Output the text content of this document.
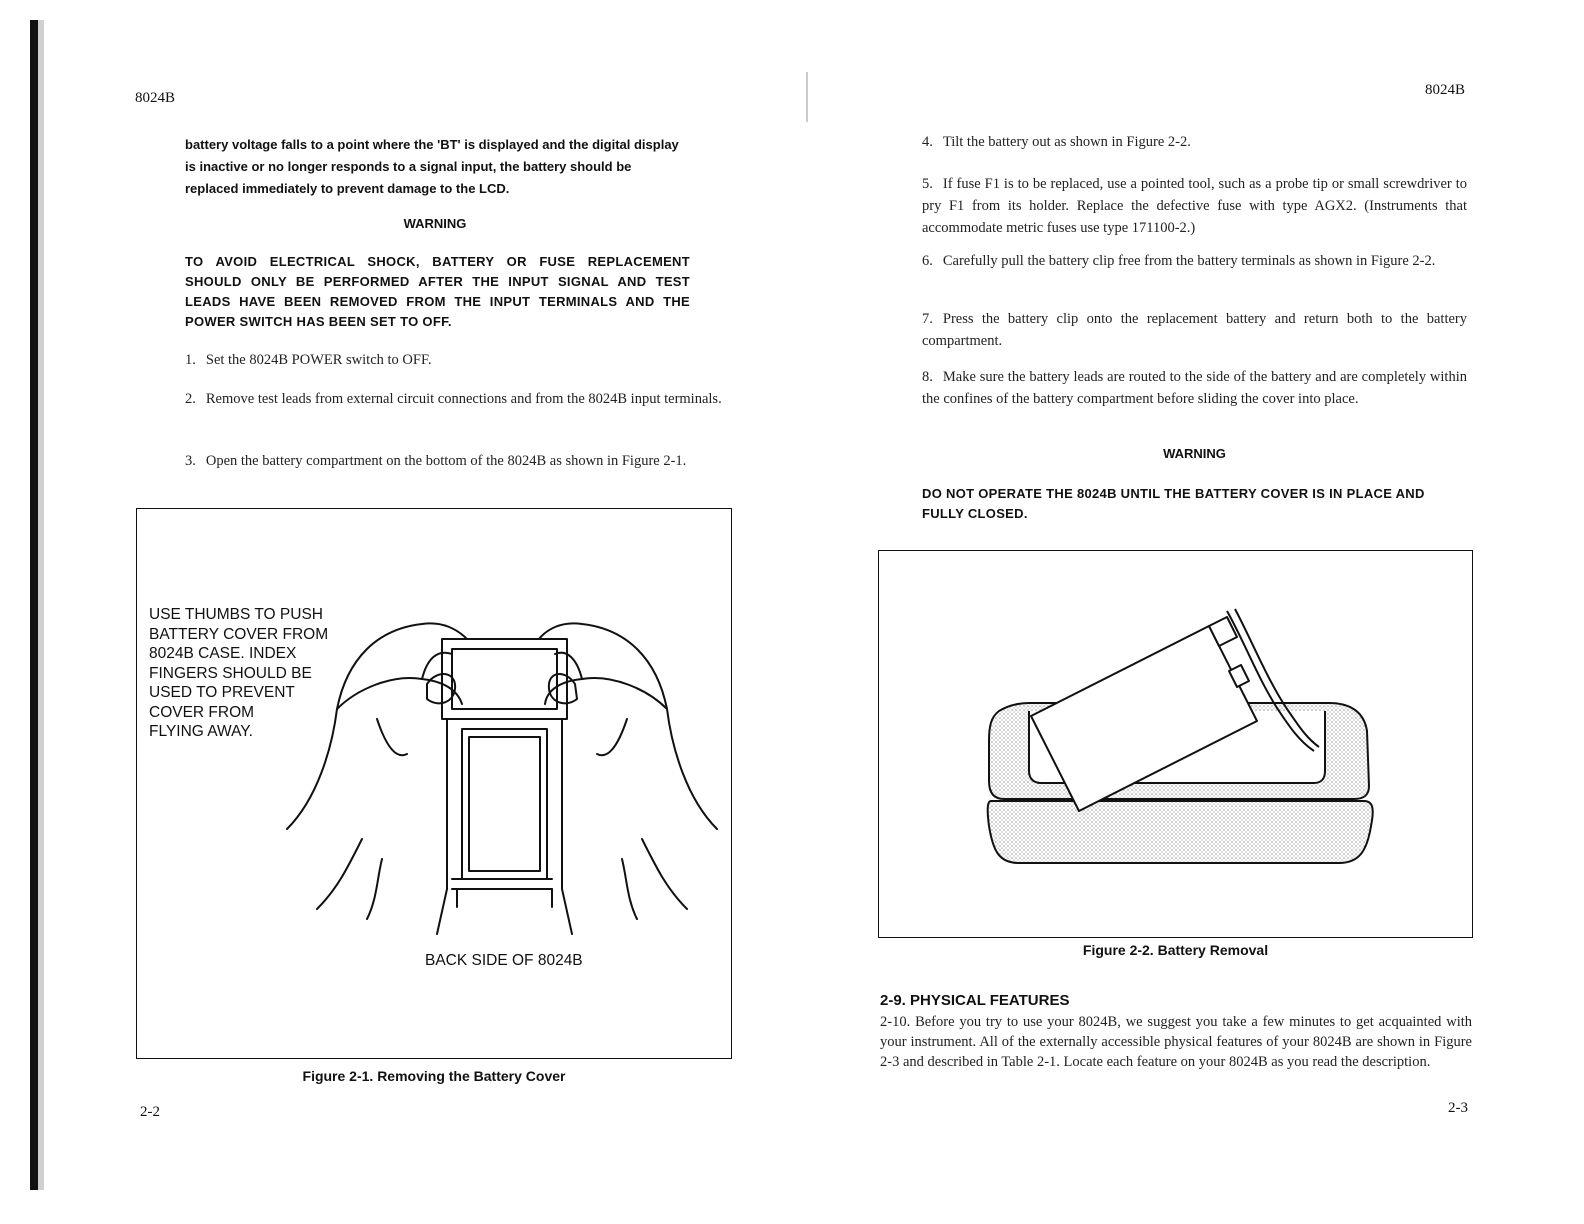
8024B
battery voltage falls to a point where the 'BT' is displayed and the digital display is inactive or no longer responds to a signal input, the battery should be replaced immediately to prevent damage to the LCD.
WARNING
TO AVOID ELECTRICAL SHOCK, BATTERY OR FUSE REPLACEMENT SHOULD ONLY BE PERFORMED AFTER THE INPUT SIGNAL AND TEST LEADS HAVE BEEN REMOVED FROM THE INPUT TERMINALS AND THE POWER SWITCH HAS BEEN SET TO OFF.
1. Set the 8024B POWER switch to OFF.
2. Remove test leads from external circuit connections and from the 8024B input terminals.
3. Open the battery compartment on the bottom of the 8024B as shown in Figure 2-1.
USE THUMBS TO PUSH
BATTERY COVER FROM
8024B CASE. INDEX
FINGERS SHOULD BE
USED TO PREVENT
COVER FROM
FLYING AWAY.
BACK SIDE OF 8024B
Figure 2-1. Removing the Battery Cover
2-2
8024B
4. Tilt the battery out as shown in Figure 2-2.
5. If fuse F1 is to be replaced, use a pointed tool, such as a probe tip or small screwdriver to pry F1 from its holder. Replace the defective fuse with type AGX2. (Instruments that accommodate metric fuses use type 171100-2.)
6. Carefully pull the battery clip free from the battery terminals as shown in Figure 2-2.
7. Press the battery clip onto the replacement battery and return both to the battery compartment.
8. Make sure the battery leads are routed to the side of the battery and are completely within the confines of the battery compartment before sliding the cover into place.
WARNING
DO NOT OPERATE THE 8024B UNTIL THE BATTERY COVER IS IN PLACE AND FULLY CLOSED.
Figure 2-2. Battery Removal
2-9. PHYSICAL FEATURES
2-10. Before you try to use your 8024B, we suggest you take a few minutes to get acquainted with your instrument. All of the externally accessible physical features of your 8024B are shown in Figure 2-3 and described in Table 2-1. Locate each feature on your 8024B as you read the description.
2-3
